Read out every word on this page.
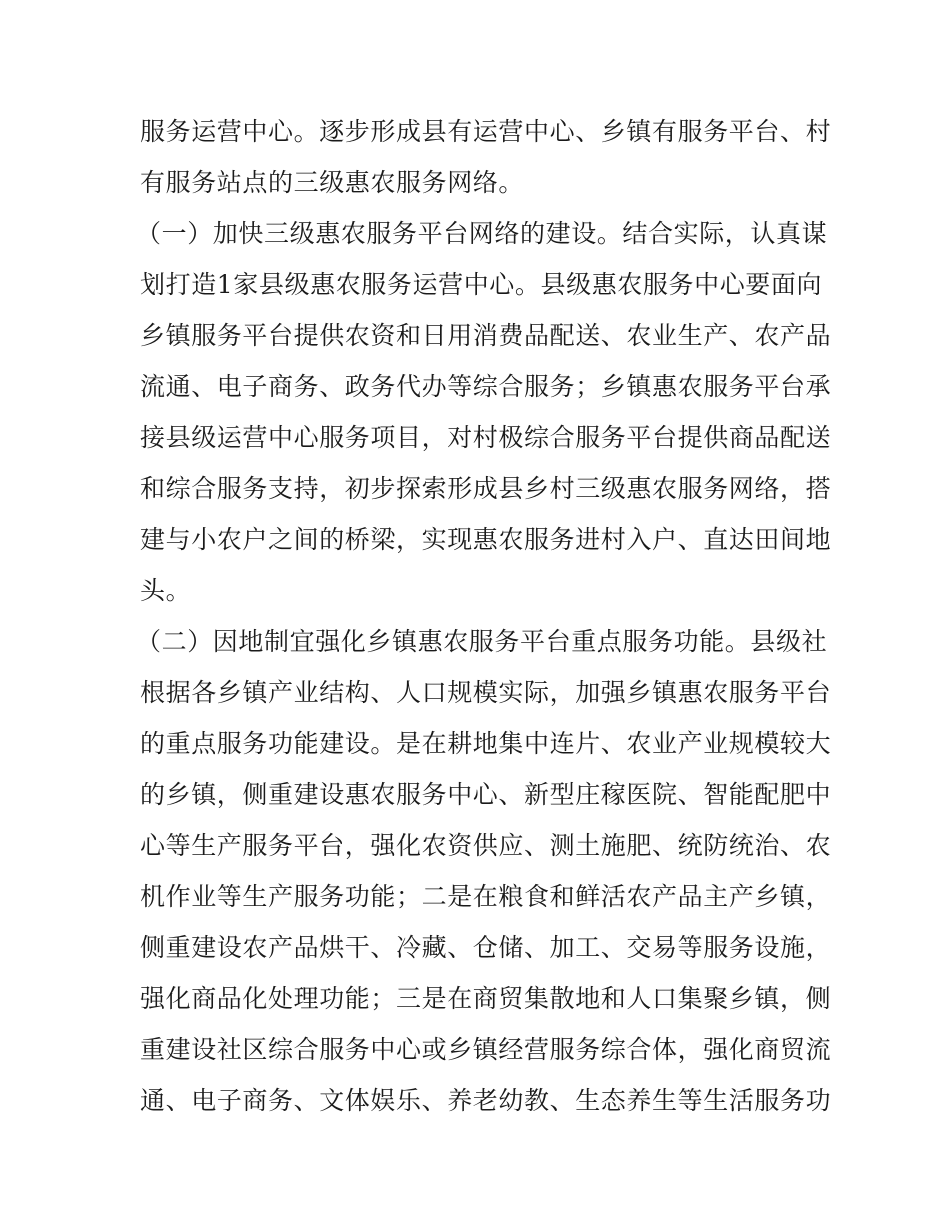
服务运营中心。逐步形成县有运营中心、乡镇有服务平台、村
有服务站点的三级惠农服务网络。
（一）加快三级惠农服务平台网络的建设。结合实际，认真谋
划打造1家县级惠农服务运营中心。县级惠农服务中心要面向
乡镇服务平台提供农资和日用消费品配送、农业生产、农产品
流通、电子商务、政务代办等综合服务；乡镇惠农服务平台承
接县级运营中心服务项目，对村极综合服务平台提供商品配送
和综合服务支持，初步探索形成县乡村三级惠农服务网络，搭
建与小农户之间的桥梁，实现惠农服务进村入户、直达田间地
头。
（二）因地制宜强化乡镇惠农服务平台重点服务功能。县级社
根据各乡镇产业结构、人口规模实际，加强乡镇惠农服务平台
的重点服务功能建设。是在耕地集中连片、农业产业规模较大
的乡镇，侧重建设惠农服务中心、新型庄稼医院、智能配肥中
心等生产服务平台，强化农资供应、测土施肥、统防统治、农
机作业等生产服务功能；二是在粮食和鲜活农产品主产乡镇，
侧重建设农产品烘干、冷藏、仓储、加工、交易等服务设施，
强化商品化处理功能；三是在商贸集散地和人口集聚乡镇，侧
重建设社区综合服务中心或乡镇经营服务综合体，强化商贸流
通、电子商务、文体娱乐、养老幼教、生态养生等生活服务功
